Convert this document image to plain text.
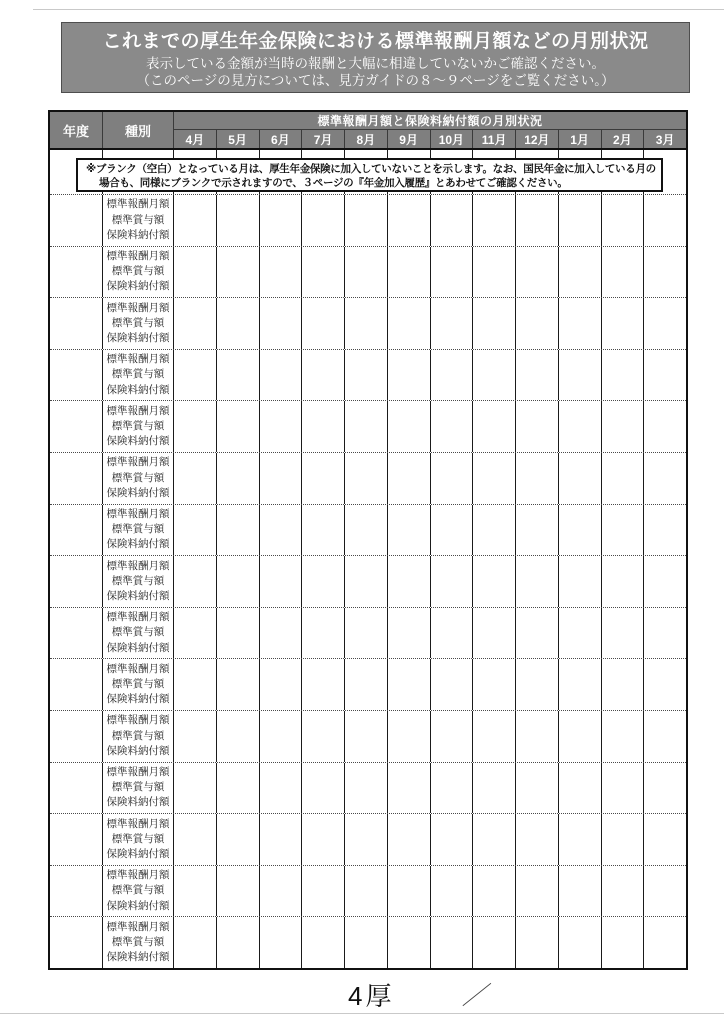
これまでの厚生年金保険における標準報酬月額などの月別状況
表示している金額が当時の報酬と大幅に相違していないかご確認ください。
（このページの見方については、見方ガイドの８～９ページをご覧ください。）
年度	種別
標準報酬月額と保険料納付額の月別状況
4月	5月	6月	7月	8月	9月	10月	11月	12月	1月	2月	3月
※ブランク（空白）となっている月は、厚生年金保険に加入していないことを示します。なお、国民年金に加入している月の
場合も、同様にブランクで示されますので、３ページの『年金加入履歴』とあわせてご確認ください。
標準報酬月額
標準賞与額
保険料納付額
標準報酬月額
標準賞与額
保険料納付額
標準報酬月額
標準賞与額
保険料納付額
標準報酬月額
標準賞与額
保険料納付額
標準報酬月額
標準賞与額
保険料納付額
標準報酬月額
標準賞与額
保険料納付額
標準報酬月額
標準賞与額
保険料納付額
標準報酬月額
標準賞与額
保険料納付額
標準報酬月額
標準賞与額
保険料納付額
標準報酬月額
標準賞与額
保険料納付額
標準報酬月額
標準賞与額
保険料納付額
標準報酬月額
標準賞与額
保険料納付額
標準報酬月額
標準賞与額
保険料納付額
標準報酬月額
標準賞与額
保険料納付額
標準報酬月額
標準賞与額
保険料納付額
4厚	／
